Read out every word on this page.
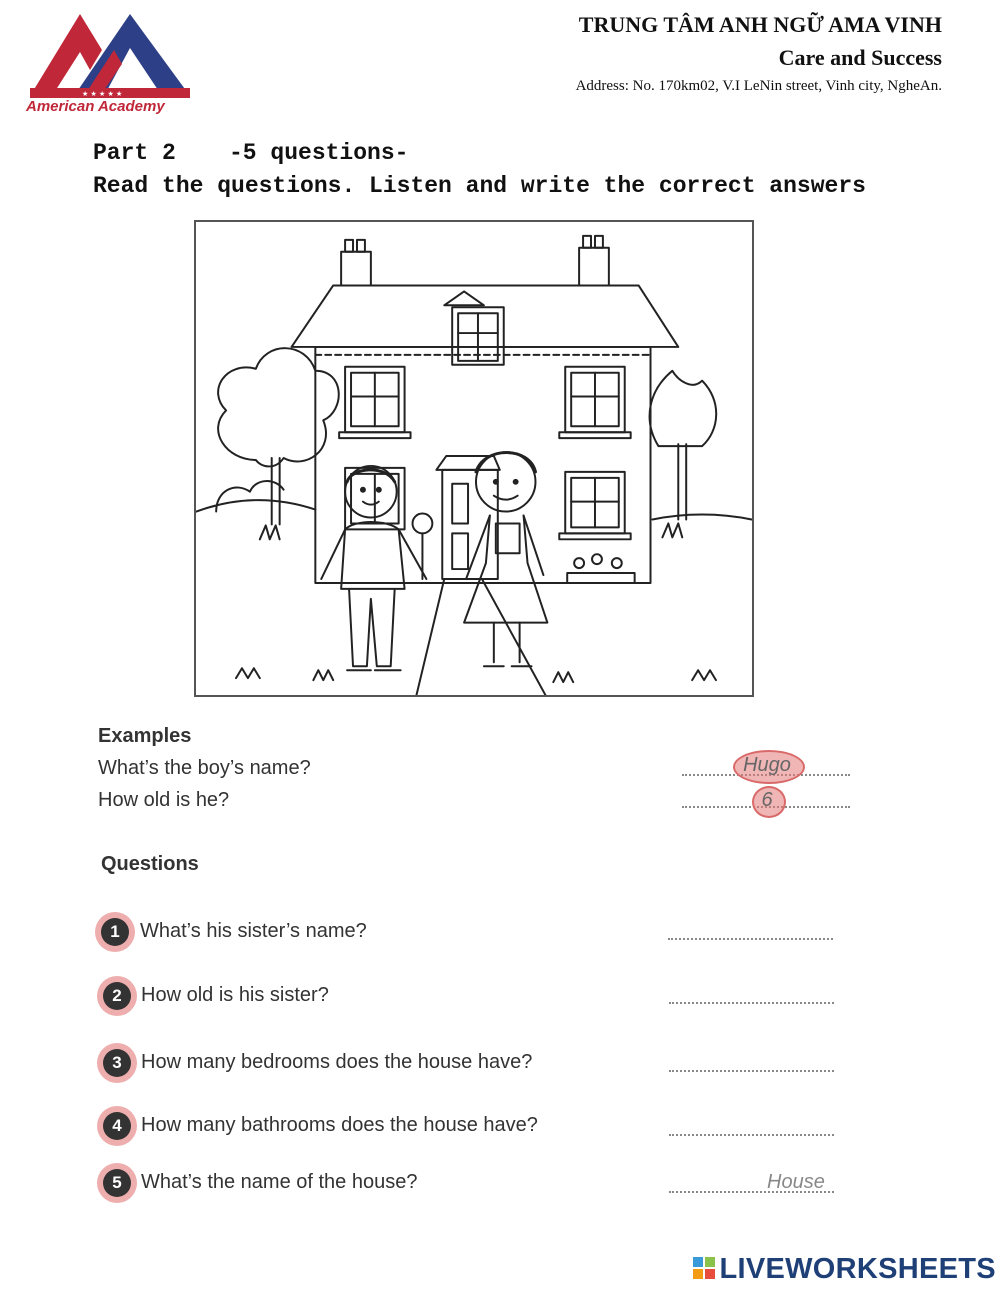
★ ★ ★ ★ ★
American Academy
TRUNG TÂM ANH NGỮ AMA VINH
Care and Success
Address: No. 170km02, V.I LeNin street, Vinh city, NgheAn.
Part 2 -5 questions-
Read the questions. Listen and write the correct answers
Examples
What’s the boy’s name?	Hugo
How old is he?	6
Questions
1	What’s his sister’s name?
2 How old is his sister?
3 How many bedrooms does the house have?
4 How many bathrooms does the house have?
5 What’s the name of the house?	House
LIVEWORKSHEETS
